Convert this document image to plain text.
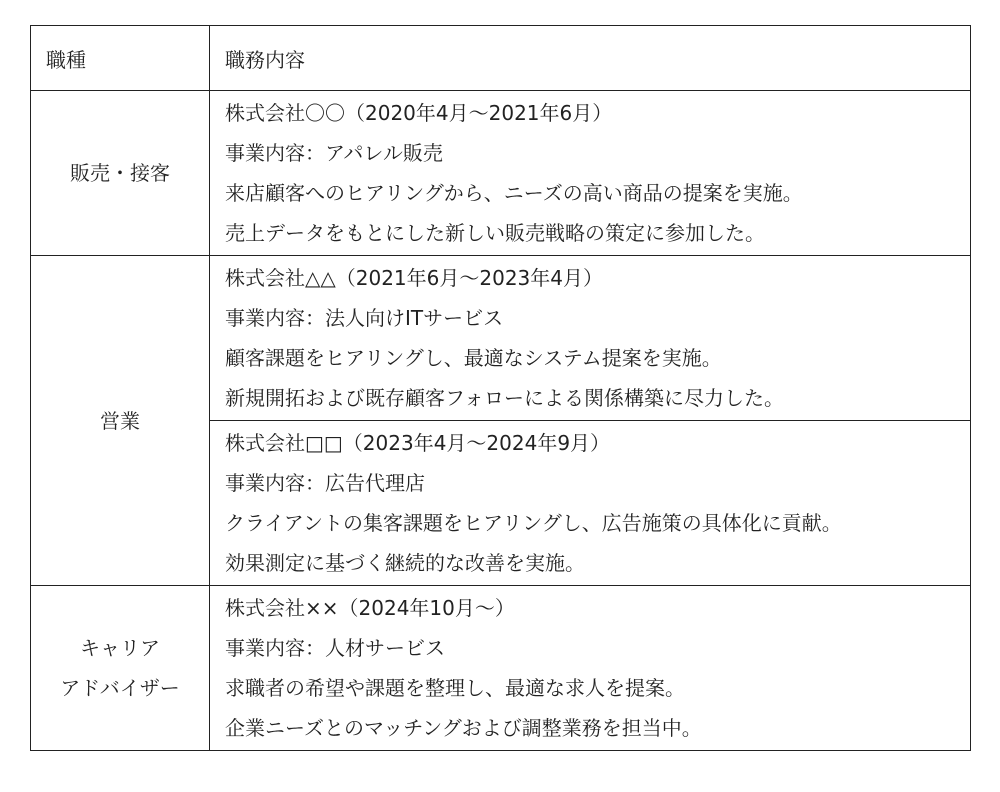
職種	職務内容
販売・接客	株式会社〇〇（2020年4月～2021年6月）
事業内容：アパレル販売
来店顧客へのヒアリングから、ニーズの高い商品の提案を実施。
売上データをもとにした新しい販売戦略の策定に参加した。

営業	株式会社△△（2021年6月～2023年4月）
事業内容：法人向けITサービス
顧客課題をヒアリングし、最適なシステム提案を実施。
新規開拓および既存顧客フォローによる関係構築に尽力した。

	株式会社□□（2023年4月～2024年9月）
事業内容：広告代理店
クライアントの集客課題をヒアリングし、広告施策の具体化に貢献。
効果測定に基づく継続的な改善を実施。

キャリア
アドバイザー	株式会社××（2024年10月～）
事業内容：人材サービス
求職者の希望や課題を整理し、最適な求人を提案。
企業ニーズとのマッチングおよび調整業務を担当中。
